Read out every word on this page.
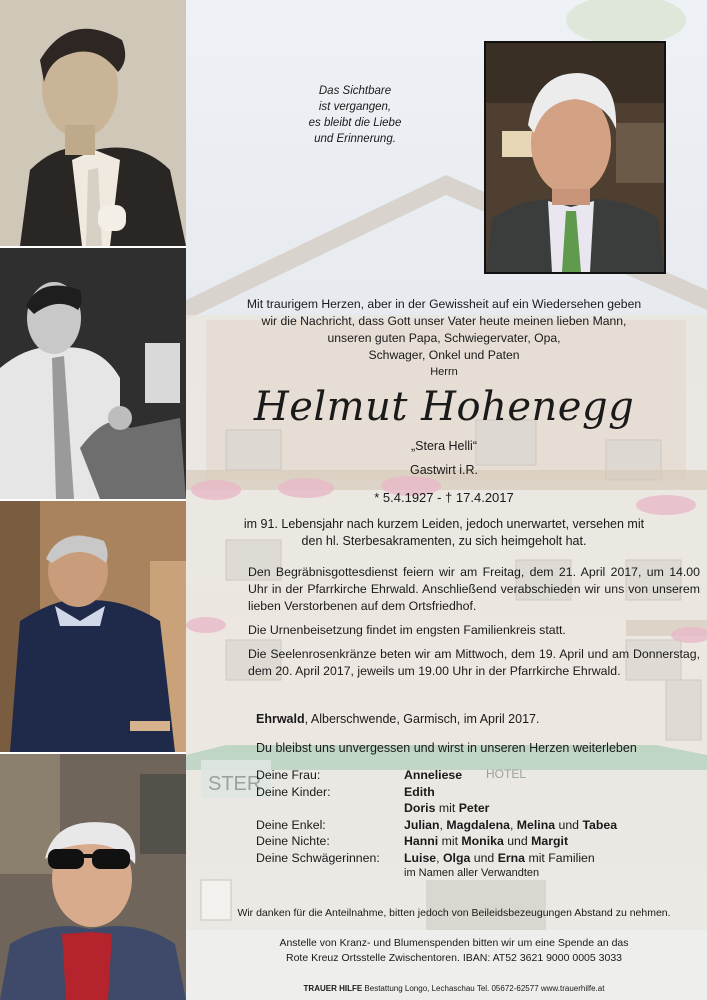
STER	HOTEL

Das Sichtbare
ist vergangen,
es bleibt die Liebe
und Erinnerung.

Mit traurigem Herzen, aber in der Gewissheit auf ein Wiedersehen geben
wir die Nachricht, dass Gott unser Vater heute meinen lieben Mann,
unseren guten Papa, Schwiegervater, Opa,
Schwager, Onkel und Paten

Herrn

Helmut Hohenegg

„Stera Helli“

Gastwirt i.R.

* 5.4.1927 - † 17.4.2017

im 91. Lebensjahr nach kurzem Leiden, jedoch unerwartet, versehen mit
den hl. Sterbesakramenten, zu sich heimgeholt hat.

Den Begräbnisgottesdienst feiern wir am Freitag, dem 21. April 2017, um 14.00 Uhr in der Pfarrkirche Ehrwald. Anschließend verabschieden wir uns von unserem lieben Verstorbenen auf dem Ortsfriedhof.

Die Urnenbeisetzung findet im engsten Familienkreis statt.

Die Seelenrosenkränze beten wir am Mittwoch, dem 19. April und am Donnerstag, dem 20. April 2017, jeweils um 19.00 Uhr in der Pfarrkirche Ehrwald.

Ehrwald, Alberschwende, Garmisch, im April 2017.

Du bleibst uns unvergessen und wirst in unseren Herzen weiterleben

Deine Frau:	Anneliese
Deine Kinder:	Edith
Doris mit Peter
Deine Enkel:	Julian, Magdalena, Melina und Tabea
Deine Nichte:	Hanni mit Monika und Margit
Deine Schwägerinnen: Luise, Olga und Erna mit Familien
im Namen aller Verwandten

Wir danken für die Anteilnahme, bitten jedoch von Beileidsbezeugungen Abstand zu nehmen.

Anstelle von Kranz- und Blumenspenden bitten wir um eine Spende an das
Rote Kreuz Ortsstelle Zwischentoren. IBAN: AT52 3621 9000 0005 3033

TRAUER HILFE Bestattung Longo, Lechaschau Tel. 05672-62577 www.trauerhilfe.at
